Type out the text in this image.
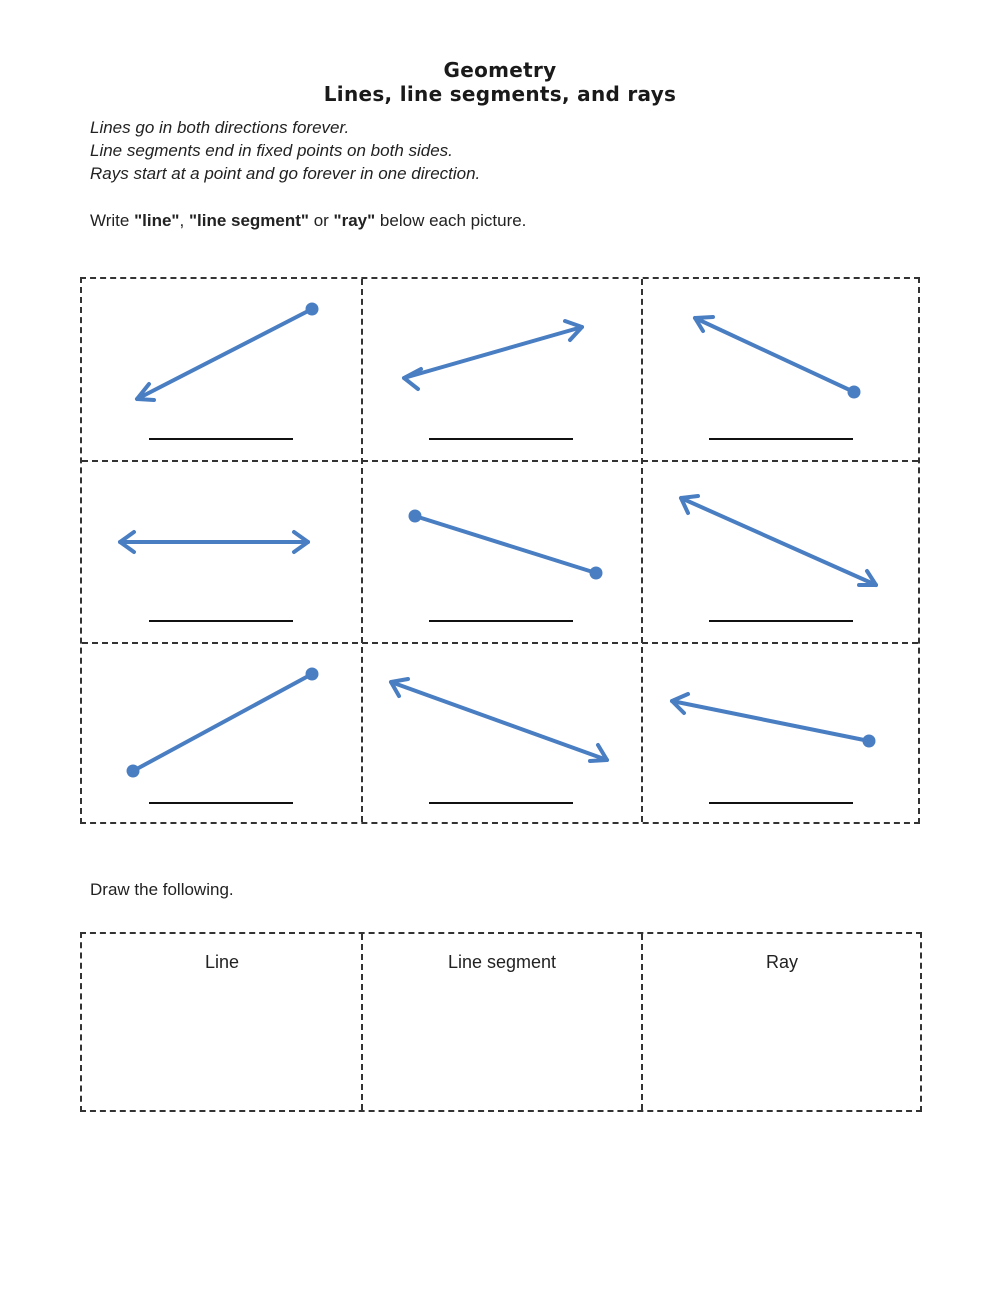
Geometry
Lines, line segments, and rays
Lines go in both directions forever.
Line segments end in fixed points on both sides.
Rays start at a point and go forever in one direction.
Write "line", "line segment" or "ray" below each picture.
Draw the following.
Line	Line segment	Ray
